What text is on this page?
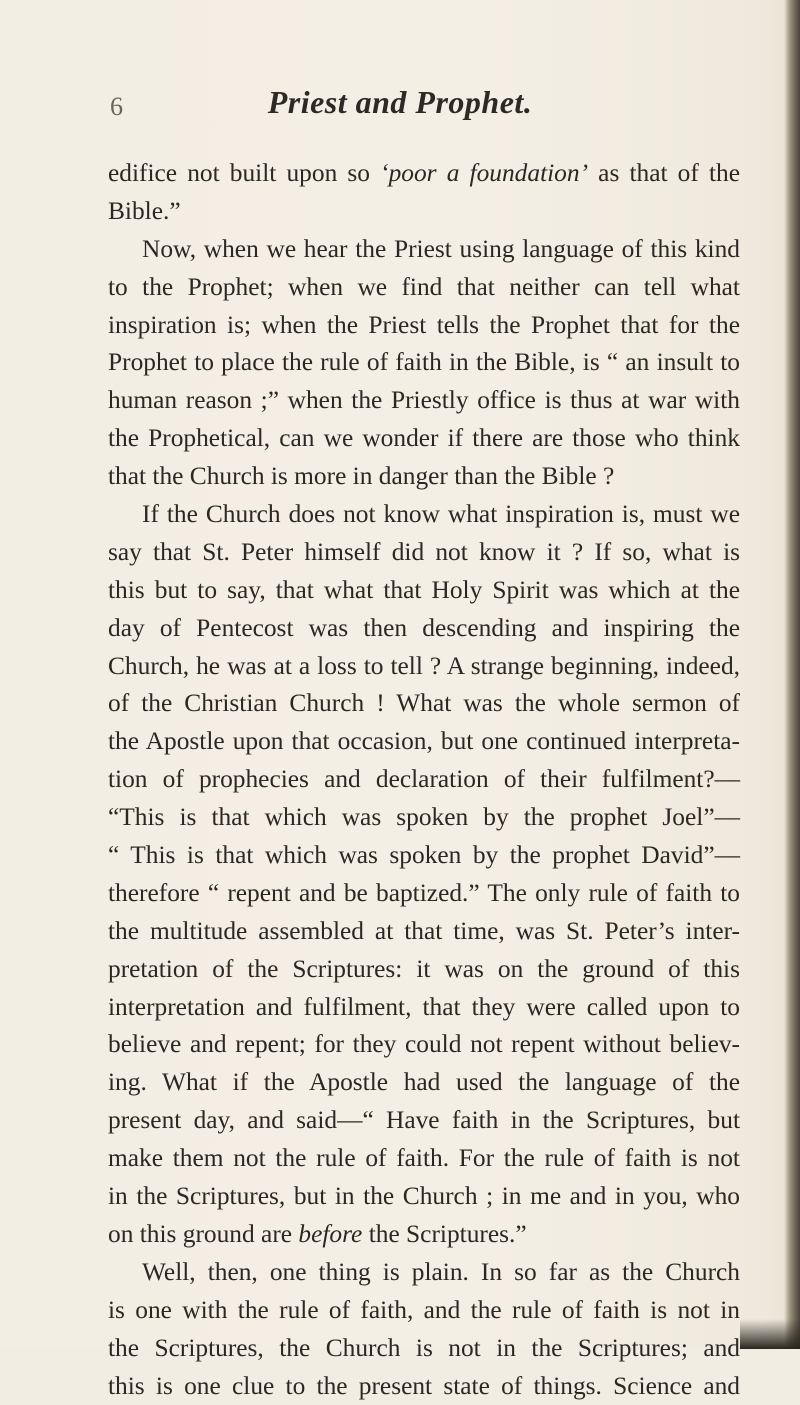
6	Priest and Prophet.
edifice not built upon so ‘poor a foundation’ as that of the
Bible.”
Now, when we hear the Priest using language of this kind
to the Prophet; when we find that neither can tell what
inspiration is; when the Priest tells the Prophet that for the
Prophet to place the rule of faith in the Bible, is “ an insult to
human reason ;” when the Priestly office is thus at war with
the Prophetical, can we wonder if there are those who think
that the Church is more in danger than the Bible ?
If the Church does not know what inspiration is, must we
say that St. Peter himself did not know it ? If so, what is
this but to say, that what that Holy Spirit was which at the
day of Pentecost was then descending and inspiring the
Church, he was at a loss to tell ? A strange beginning, indeed,
of the Christian Church ! What was the whole sermon of
the Apostle upon that occasion, but one continued interpreta-
tion of prophecies and declaration of their fulfilment?—
“This is that which was spoken by the prophet Joel”—
“ This is that which was spoken by the prophet David”—
therefore “ repent and be baptized.” The only rule of faith to
the multitude assembled at that time, was St. Peter’s inter-
pretation of the Scriptures: it was on the ground of this
interpretation and fulfilment, that they were called upon to
believe and repent; for they could not repent without believ-
ing. What if the Apostle had used the language of the
present day, and said—“ Have faith in the Scriptures, but
make them not the rule of faith. For the rule of faith is not
in the Scriptures, but in the Church ; in me and in you, who
on this ground are before the Scriptures.”
Well, then, one thing is plain. In so far as the Church
is one with the rule of faith, and the rule of faith is not in
the Scriptures, the Church is not in the Scriptures; and
this is one clue to the present state of things. Science and
